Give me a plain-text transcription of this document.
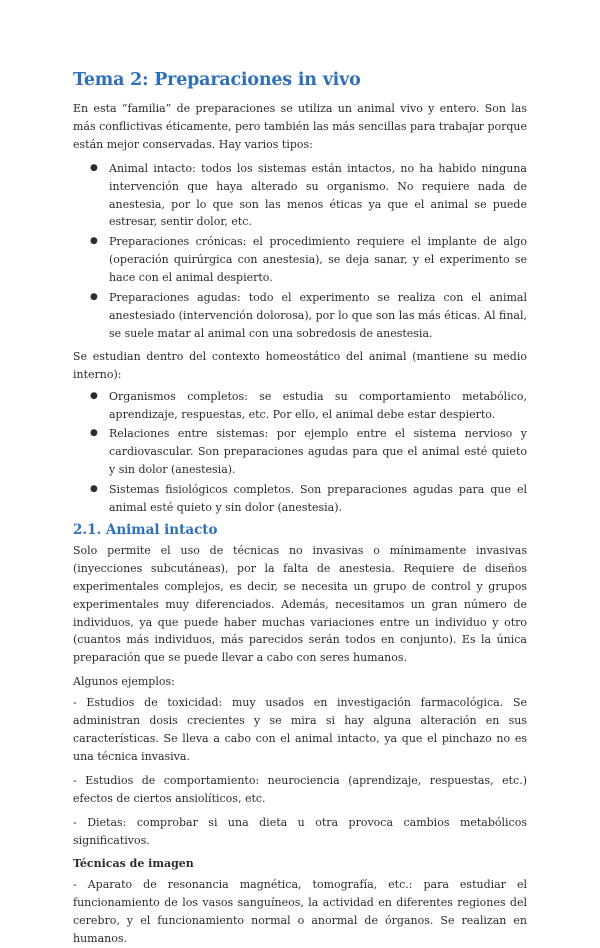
Tema 2: Preparaciones in vivo

En esta “familia” de preparaciones se utiliza un animal vivo y entero. Son las más conflictivas éticamente, pero también las más sencillas para trabajar porque están mejor conservadas. Hay varios tipos:

● Animal intacto: todos los sistemas están intactos, no ha habido ninguna intervención que haya alterado su organismo. No requiere nada de anestesia, por lo que son las menos éticas ya que el animal se puede estresar, sentir dolor, etc.
● Preparaciones crónicas: el procedimiento requiere el implante de algo (operación quirúrgica con anestesia), se deja sanar, y el experimento se hace con el animal despierto.
● Preparaciones agudas: todo el experimento se realiza con el animal anestesiado (intervención dolorosa), por lo que son las más éticas. Al final, se suele matar al animal con una sobredosis de anestesia.

Se estudian dentro del contexto homeostático del animal (mantiene su medio interno):

● Organismos completos: se estudia su comportamiento metabólico, aprendizaje, respuestas, etc. Por ello, el animal debe estar despierto.
● Relaciones entre sistemas: por ejemplo entre el sistema nervioso y cardiovascular. Son preparaciones agudas para que el animal esté quieto y sin dolor (anestesia).
● Sistemas fisiológicos completos. Son preparaciones agudas para que el animal esté quieto y sin dolor (anestesia).
2.1. Animal intacto

Solo permite el uso de técnicas no invasivas o mínimamente invasivas (inyecciones subcutáneas), por la falta de anestesia. Requiere de diseños experimentales complejos, es decir, se necesita un grupo de control y grupos experimentales muy diferenciados. Además, necesitamos un gran número de individuos, ya que puede haber muchas variaciones entre un individuo y otro (cuantos más individuos, más parecidos serán todos en conjunto). Es la única preparación que se puede llevar a cabo con seres humanos.

Algunos ejemplos:

- Estudios de toxicidad: muy usados en investigación farmacológica. Se administran dosis crecientes y se mira si hay alguna alteración en sus características. Se lleva a cabo con el animal intacto, ya que el pinchazo no es una técnica invasiva.

- Estudios de comportamiento: neurociencia (aprendizaje, respuestas, etc.) efectos de ciertos ansiolíticos, etc.

- Dietas: comprobar si una dieta u otra provoca cambios metabólicos significativos.

Técnicas de imagen

- Aparato de resonancia magnética, tomografía, etc.: para estudiar el funcionamiento de los vasos sanguíneos, la actividad en diferentes regiones del cerebro, y el funcionamiento normal o anormal de órganos. Se realizan en humanos.
